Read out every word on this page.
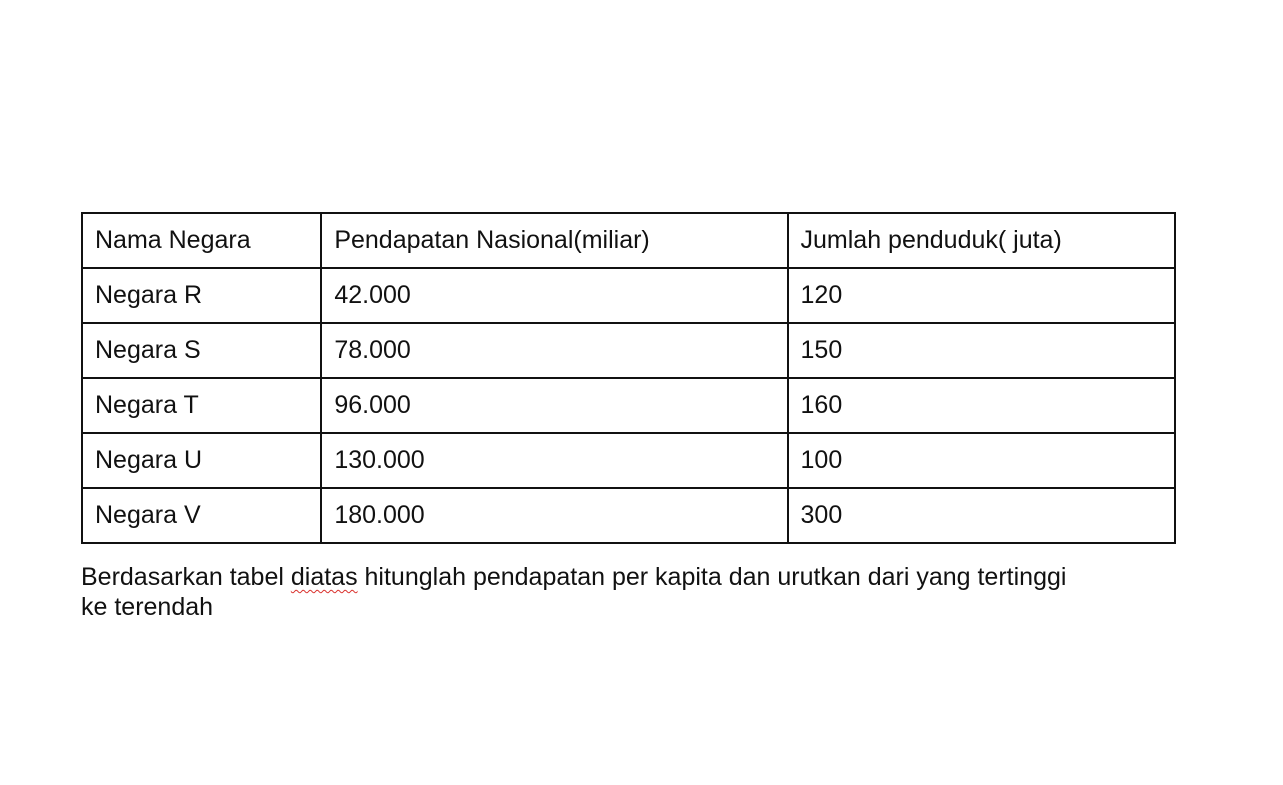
Nama Negara	Pendapatan Nasional(miliar)	Jumlah penduduk( juta)
Negara R	42.000	120
Negara S	78.000	150
Negara T	96.000	160
Negara U	130.000	100
Negara V	180.000	300

Berdasarkan tabel diatas hitunglah pendapatan per kapita dan urutkan dari yang tertinggi
ke terendah
